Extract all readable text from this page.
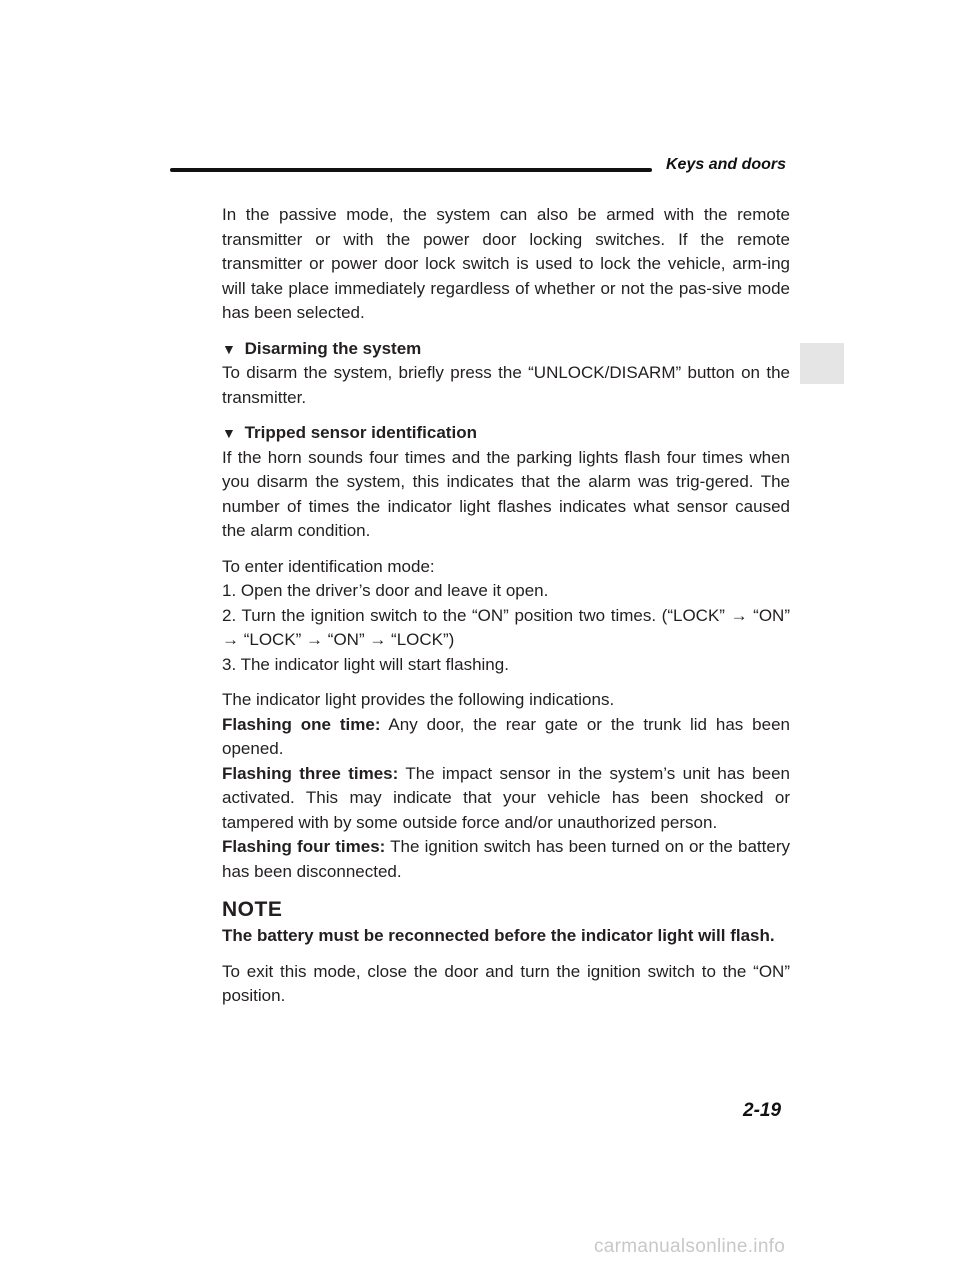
Keys and doors

In the passive mode, the system can also be armed with the remote transmitter or with the power door locking switches. If the remote transmitter or power door lock switch is used to lock the vehicle, arm-ing will take place immediately regardless of whether or not the pas-sive mode has been selected.

▼ Disarming the system

To disarm the system, briefly press the “UNLOCK/DISARM” button on the transmitter.

▼ Tripped sensor identification

If the horn sounds four times and the parking lights flash four times when you disarm the system, this indicates that the alarm was trig-gered. The number of times the indicator light flashes indicates what sensor caused the alarm condition.

To enter identification mode:

1. Open the driver’s door and leave it open.
2. Turn the ignition switch to the “ON” position two times. (“LOCK” → “ON” → “LOCK” → “ON” → “LOCK”)
3. The indicator light will start flashing.

The indicator light provides the following indications.

Flashing one time: Any door, the rear gate or the trunk lid has been opened.

Flashing three times: The impact sensor in the system’s unit has been activated. This may indicate that your vehicle has been shocked or tampered with by some outside force and/or unauthorized person.

Flashing four times: The ignition switch has been turned on or the battery has been disconnected.

NOTE

The battery must be reconnected before the indicator light will flash.

To exit this mode, close the door and turn the ignition switch to the “ON” position.

2-19
carmanualsonline.info
